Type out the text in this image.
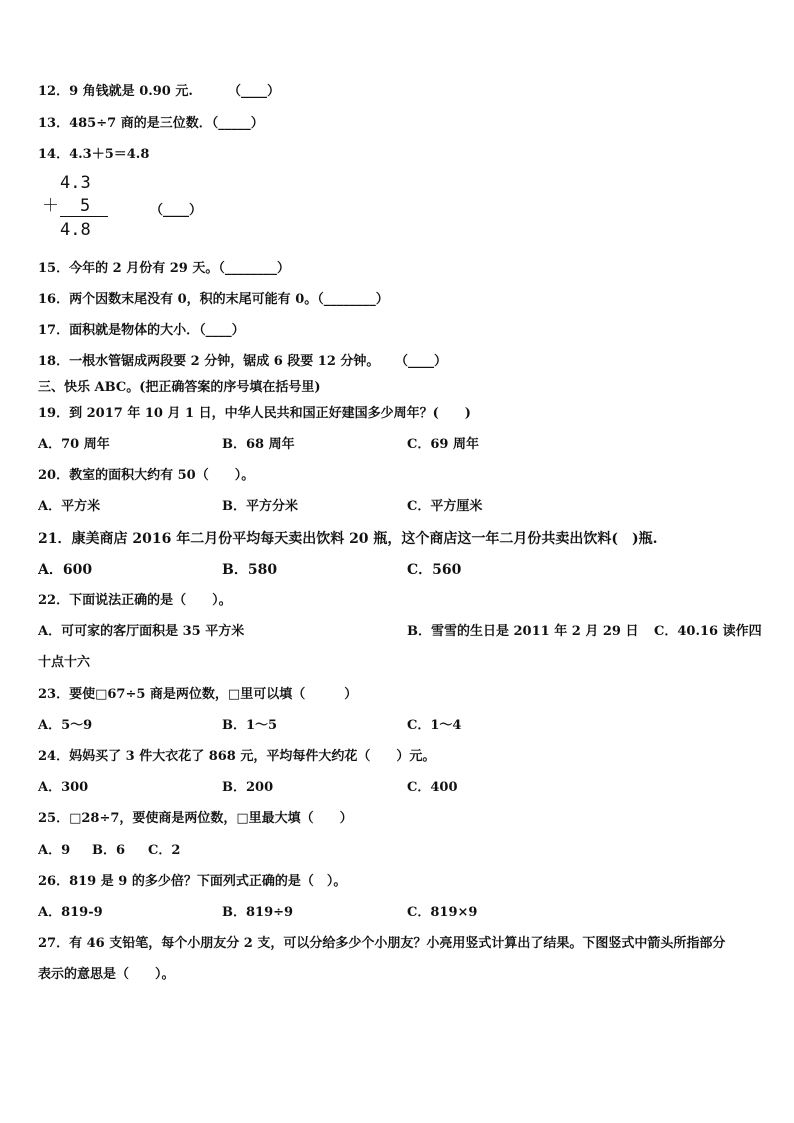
12．9 角钱就是 0.90 元.	（____）
13．485÷7 商的是三位数．（_____）
14．4.3＋5＝4.8
4.3
＋ 5
4.8
（____）
15．今年的 2 月份有 29 天。（________）
16．两个因数末尾没有 0，积的末尾可能有 0。（________）
17．面积就是物体的大小．（____）
18．一根水管锯成两段要 2 分钟，锯成 6 段要 12 分钟。 （____）
三、快乐 ABC。(把正确答案的序号填在括号里)
19．到 2017 年 10 月 1 日，中华人民共和国正好建国多少周年？(　　)
A．70 周年	B．68 周年	C．69 周年
20．教室的面积大约有 50（　　）。
A．平方米	B．平方分米	C．平方厘米
21．康美商店 2016 年二月份平均每天卖出饮料 20 瓶，这个商店这一年二月份共卖出饮料(　)瓶.
A．600	B．580	C．560
22．下面说法正确的是（　　）。
A．可可家的客厅面积是 35 平方米	B．雪雪的生日是 2011 年 2 月 29 日 C．40.16 读作四
十点十六
23．要使□67÷5 商是两位数，□里可以填（　　　）
A．5～9	B．1～5	C．1～4
24．妈妈买了 3 件大衣花了 868 元，平均每件大约花（　　）元。
A．300	B．200	C．400
25．□28÷7，要使商是两位数，□里最大填（　　）
A．9 B．6 C．2
26．819 是 9 的多少倍？下面列式正确的是（　）。
A．819-9	B．819÷9	C．819×9
27．有 46 支铅笔，每个小朋友分 2 支，可以分给多少个小朋友？小亮用竖式计算出了结果。下图竖式中箭头所指部分
表示的意思是（　　）。
